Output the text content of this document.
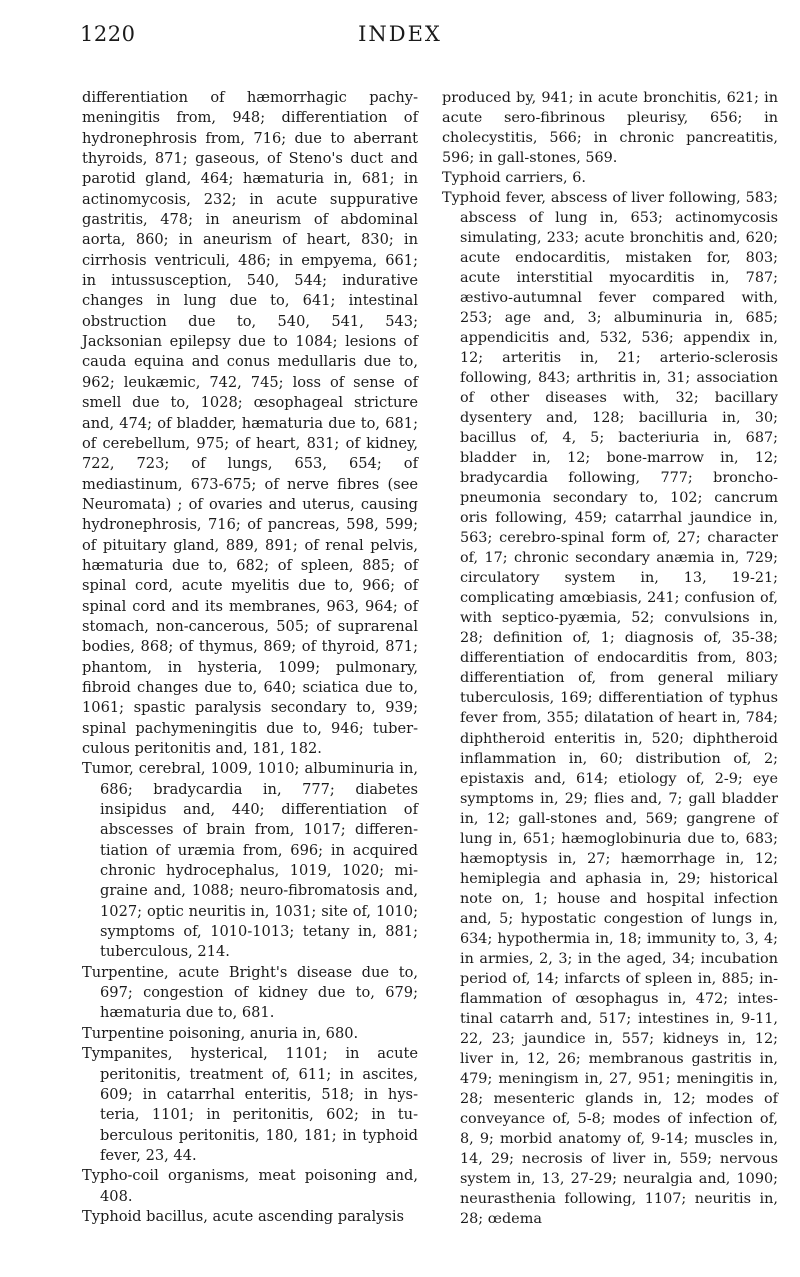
1220	INDEX

differentiation of hæmorrhagic pachymeningitis from, 948; differentiation of hydronephrosis from, 716; due to aberrant thyroids, 871; gaseous, of Steno's duct and parotid gland, 464; hæmaturia in, 681; in actinomycosis, 232; in acute suppurative gastritis, 478; in aneurism of abdominal aorta, 860; in aneurism of heart, 830; in cirrhosis ventriculi, 486; in empyema, 661; in intussusception, 540, 544; indurative changes in lung due to, 641; intestinal obstruction due to, 540, 541, 543; Jacksonian epilepsy due to 1084; lesions of cauda equina and conus medullaris due to, 962; leukæmic, 742, 745; loss of sense of smell due to, 1028; œsophageal stricture and, 474; of bladder, hæmaturia due to, 681; of cerebellum, 975; of heart, 831; of kidney, 722, 723; of lungs, 653, 654; of mediastinum, 673-675; of nerve fibres (see Neuromata) ; of ovaries and uterus, causing hydronephrosis, 716; of pancreas, 598, 599; of pituitary gland, 889, 891; of renal pelvis, hæmaturia due to, 682; of spleen, 885; of spinal cord, acute myelitis due to, 966; of spinal cord and its membranes, 963, 964; of stomach, non-cancerous, 505; of suprarenal bodies, 868; of thymus, 869; of thyroid, 871; phantom, in hysteria, 1099; pulmonary, fibroid changes due to, 640; sciatica due to, 1061; spastic paralysis secondary to, 939; spinal pachymeningitis due to, 946; tuberculous peritonitis and, 181, 182.

Tumor, cerebral, 1009, 1010; albuminuria in, 686; bradycardia in, 777; diabetes insipidus and, 440; differentiation of abscesses of brain from, 1017; differentiation of uræmia from, 696; in acquired chronic hydrocephalus, 1019, 1020; migraine and, 1088; neuro-fibromatosis and, 1027; optic neuritis in, 1031; site of, 1010; symptoms of, 1010-1013; tetany in, 881; tuberculous, 214.

Turpentine, acute Bright's disease due to, 697; congestion of kidney due to, 679; hæmaturia due to, 681.

Turpentine poisoning, anuria in, 680.

Tympanites, hysterical, 1101; in acute peritonitis, treatment of, 611; in ascites, 609; in catarrhal enteritis, 518; in hysteria, 1101; in peritonitis, 602; in tuberculous peritonitis, 180, 181; in typhoid fever, 23, 44.

Typho-coil organisms, meat poisoning and, 408.

Typhoid bacillus, acute ascending paralysis

produced by, 941; in acute bronchitis, 621; in acute sero-fibrinous pleurisy, 656; in cholecystitis, 566; in chronic pancreatitis, 596; in gall-stones, 569.

Typhoid carriers, 6.

Typhoid fever, abscess of liver following, 583; abscess of lung in, 653; actinomycosis simulating, 233; acute bronchitis and, 620; acute endocarditis, mistaken for, 803; acute interstitial myocarditis in, 787; æstivo-autumnal fever compared with, 253; age and, 3; albuminuria in, 685; appendicitis and, 532, 536; appendix in, 12; arteritis in, 21; arterio-sclerosis following, 843; arthritis in, 31; association of other diseases with, 32; bacillary dysentery and, 128; bacilluria in, 30; bacillus of, 4, 5; bacteriuria in, 687; bladder in, 12; bone-marrow in, 12; bradycardia following, 777; broncho-pneumonia secondary to, 102; cancrum oris following, 459; catarrhal jaundice in, 563; cerebro-spinal form of, 27; character of, 17; chronic secondary anæmia in, 729; circulatory system in, 13, 19-21; complicating amœbiasis, 241; confusion of, with septico-pyæmia, 52; convulsions in, 28; definition of, 1; diagnosis of, 35-38; differentiation of endocarditis from, 803; differentiation of, from general miliary tuberculosis, 169; differentiation of typhus fever from, 355; dilatation of heart in, 784; diphtheroid enteritis in, 520; diphtheroid inflammation in, 60; distribution of, 2; epistaxis and, 614; etiology of, 2-9; eye symptoms in, 29; flies and, 7; gall bladder in, 12; gall-stones and, 569; gangrene of lung in, 651; hæmoglobinuria due to, 683; hæmoptysis in, 27; hæmorrhage in, 12; hemiplegia and aphasia in, 29; historical note on, 1; house and hospital infection and, 5; hypostatic congestion of lungs in, 634; hypothermia in, 18; immunity to, 3, 4; in armies, 2, 3; in the aged, 34; incubation period of, 14; infarcts of spleen in, 885; inflammation of œsophagus in, 472; intestinal catarrh and, 517; intestines in, 9-11, 22, 23; jaundice in, 557; kidneys in, 12; liver in, 12, 26; membranous gastritis in, 479; meningism in, 27, 951; meningitis in, 28; mesenteric glands in, 12; modes of conveyance of, 5-8; modes of infection of, 8, 9; morbid anatomy of, 9-14; muscles in, 14, 29; necrosis of liver in, 559; nervous system in, 13, 27-29; neuralgia and, 1090; neurasthenia following, 1107; neuritis in, 28; œdema
